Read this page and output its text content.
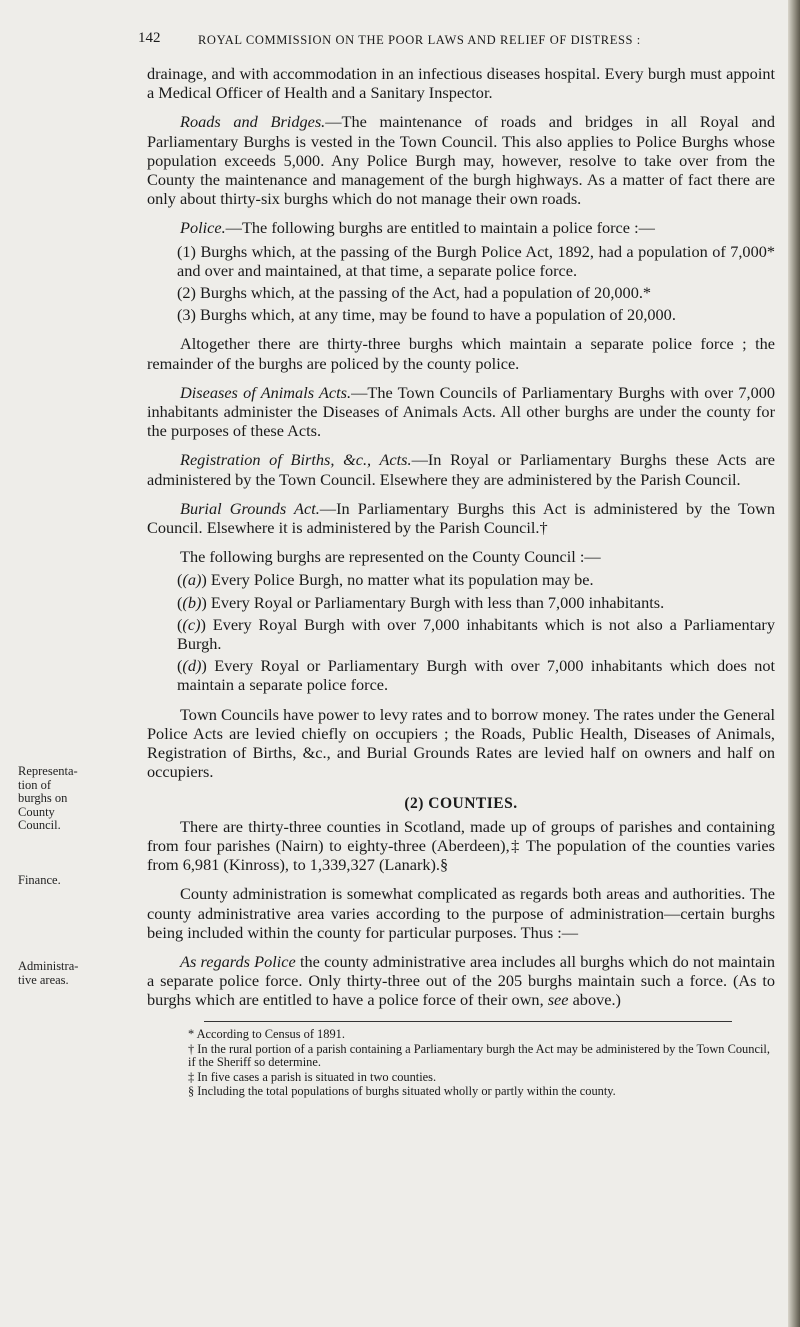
142	ROYAL COMMISSION ON THE POOR LAWS AND RELIEF OF DISTRESS :
Representa-
tion of
burghs on
County
Council.
Finance.
Administra-
tive areas.

drainage, and with accommodation in an infectious diseases hospital. Every burgh must appoint a Medical Officer of Health and a Sanitary Inspector.

Roads and Bridges.—The maintenance of roads and bridges in all Royal and Parliamentary Burghs is vested in the Town Council. This also applies to Police Burghs whose population exceeds 5,000. Any Police Burgh may, however, resolve to take over from the County the maintenance and management of the burgh highways. As a matter of fact there are only about thirty-six burghs which do not manage their own roads.

Police.—The following burghs are entitled to maintain a police force :—

(1) Burghs which, at the passing of the Burgh Police Act, 1892, had a population of 7,000* and over and maintained, at that time, a separate police force.

(2) Burghs which, at the passing of the Act, had a population of 20,000.*

(3) Burghs which, at any time, may be found to have a population of 20,000.

Altogether there are thirty-three burghs which maintain a separate police force ; the remainder of the burghs are policed by the county police.

Diseases of Animals Acts.—The Town Councils of Parliamentary Burghs with over 7,000 inhabitants administer the Diseases of Animals Acts. All other burghs are under the county for the purposes of these Acts.

Registration of Births, &c., Acts.—In Royal or Parliamentary Burghs these Acts are administered by the Town Council. Elsewhere they are administered by the Parish Council.

Burial Grounds Act.—In Parliamentary Burghs this Act is administered by the Town Council. Elsewhere it is administered by the Parish Council.†

The following burghs are represented on the County Council :—

((a)) Every Police Burgh, no matter what its population may be.

((b)) Every Royal or Parliamentary Burgh with less than 7,000 inhabitants.

((c)) Every Royal Burgh with over 7,000 inhabitants which is not also a Parliamentary Burgh.

((d)) Every Royal or Parliamentary Burgh with over 7,000 inhabitants which does not maintain a separate police force.

Town Councils have power to levy rates and to borrow money. The rates under the General Police Acts are levied chiefly on occupiers ; the Roads, Public Health, Diseases of Animals, Registration of Births, &c., and Burial Grounds Rates are levied half on owners and half on occupiers.

(2) COUNTIES.

There are thirty-three counties in Scotland, made up of groups of parishes and containing from four parishes (Nairn) to eighty-three (Aberdeen),‡ The population of the counties varies from 6,981 (Kinross), to 1,339,327 (Lanark).§

County administration is somewhat complicated as regards both areas and authorities. The county administrative area varies according to the purpose of administration—certain burghs being included within the county for particular purposes. Thus :—

As regards Police the county administrative area includes all burghs which do not maintain a separate police force. Only thirty-three out of the 205 burghs maintain such a force. (As to burghs which are entitled to have a police force of their own, see above.)

* According to Census of 1891.
† In the rural portion of a parish containing a Parliamentary burgh the Act may be administered by the Town Council, if the Sheriff so determine.
‡ In five cases a parish is situated in two counties.
§ Including the total populations of burghs situated wholly or partly within the county.
